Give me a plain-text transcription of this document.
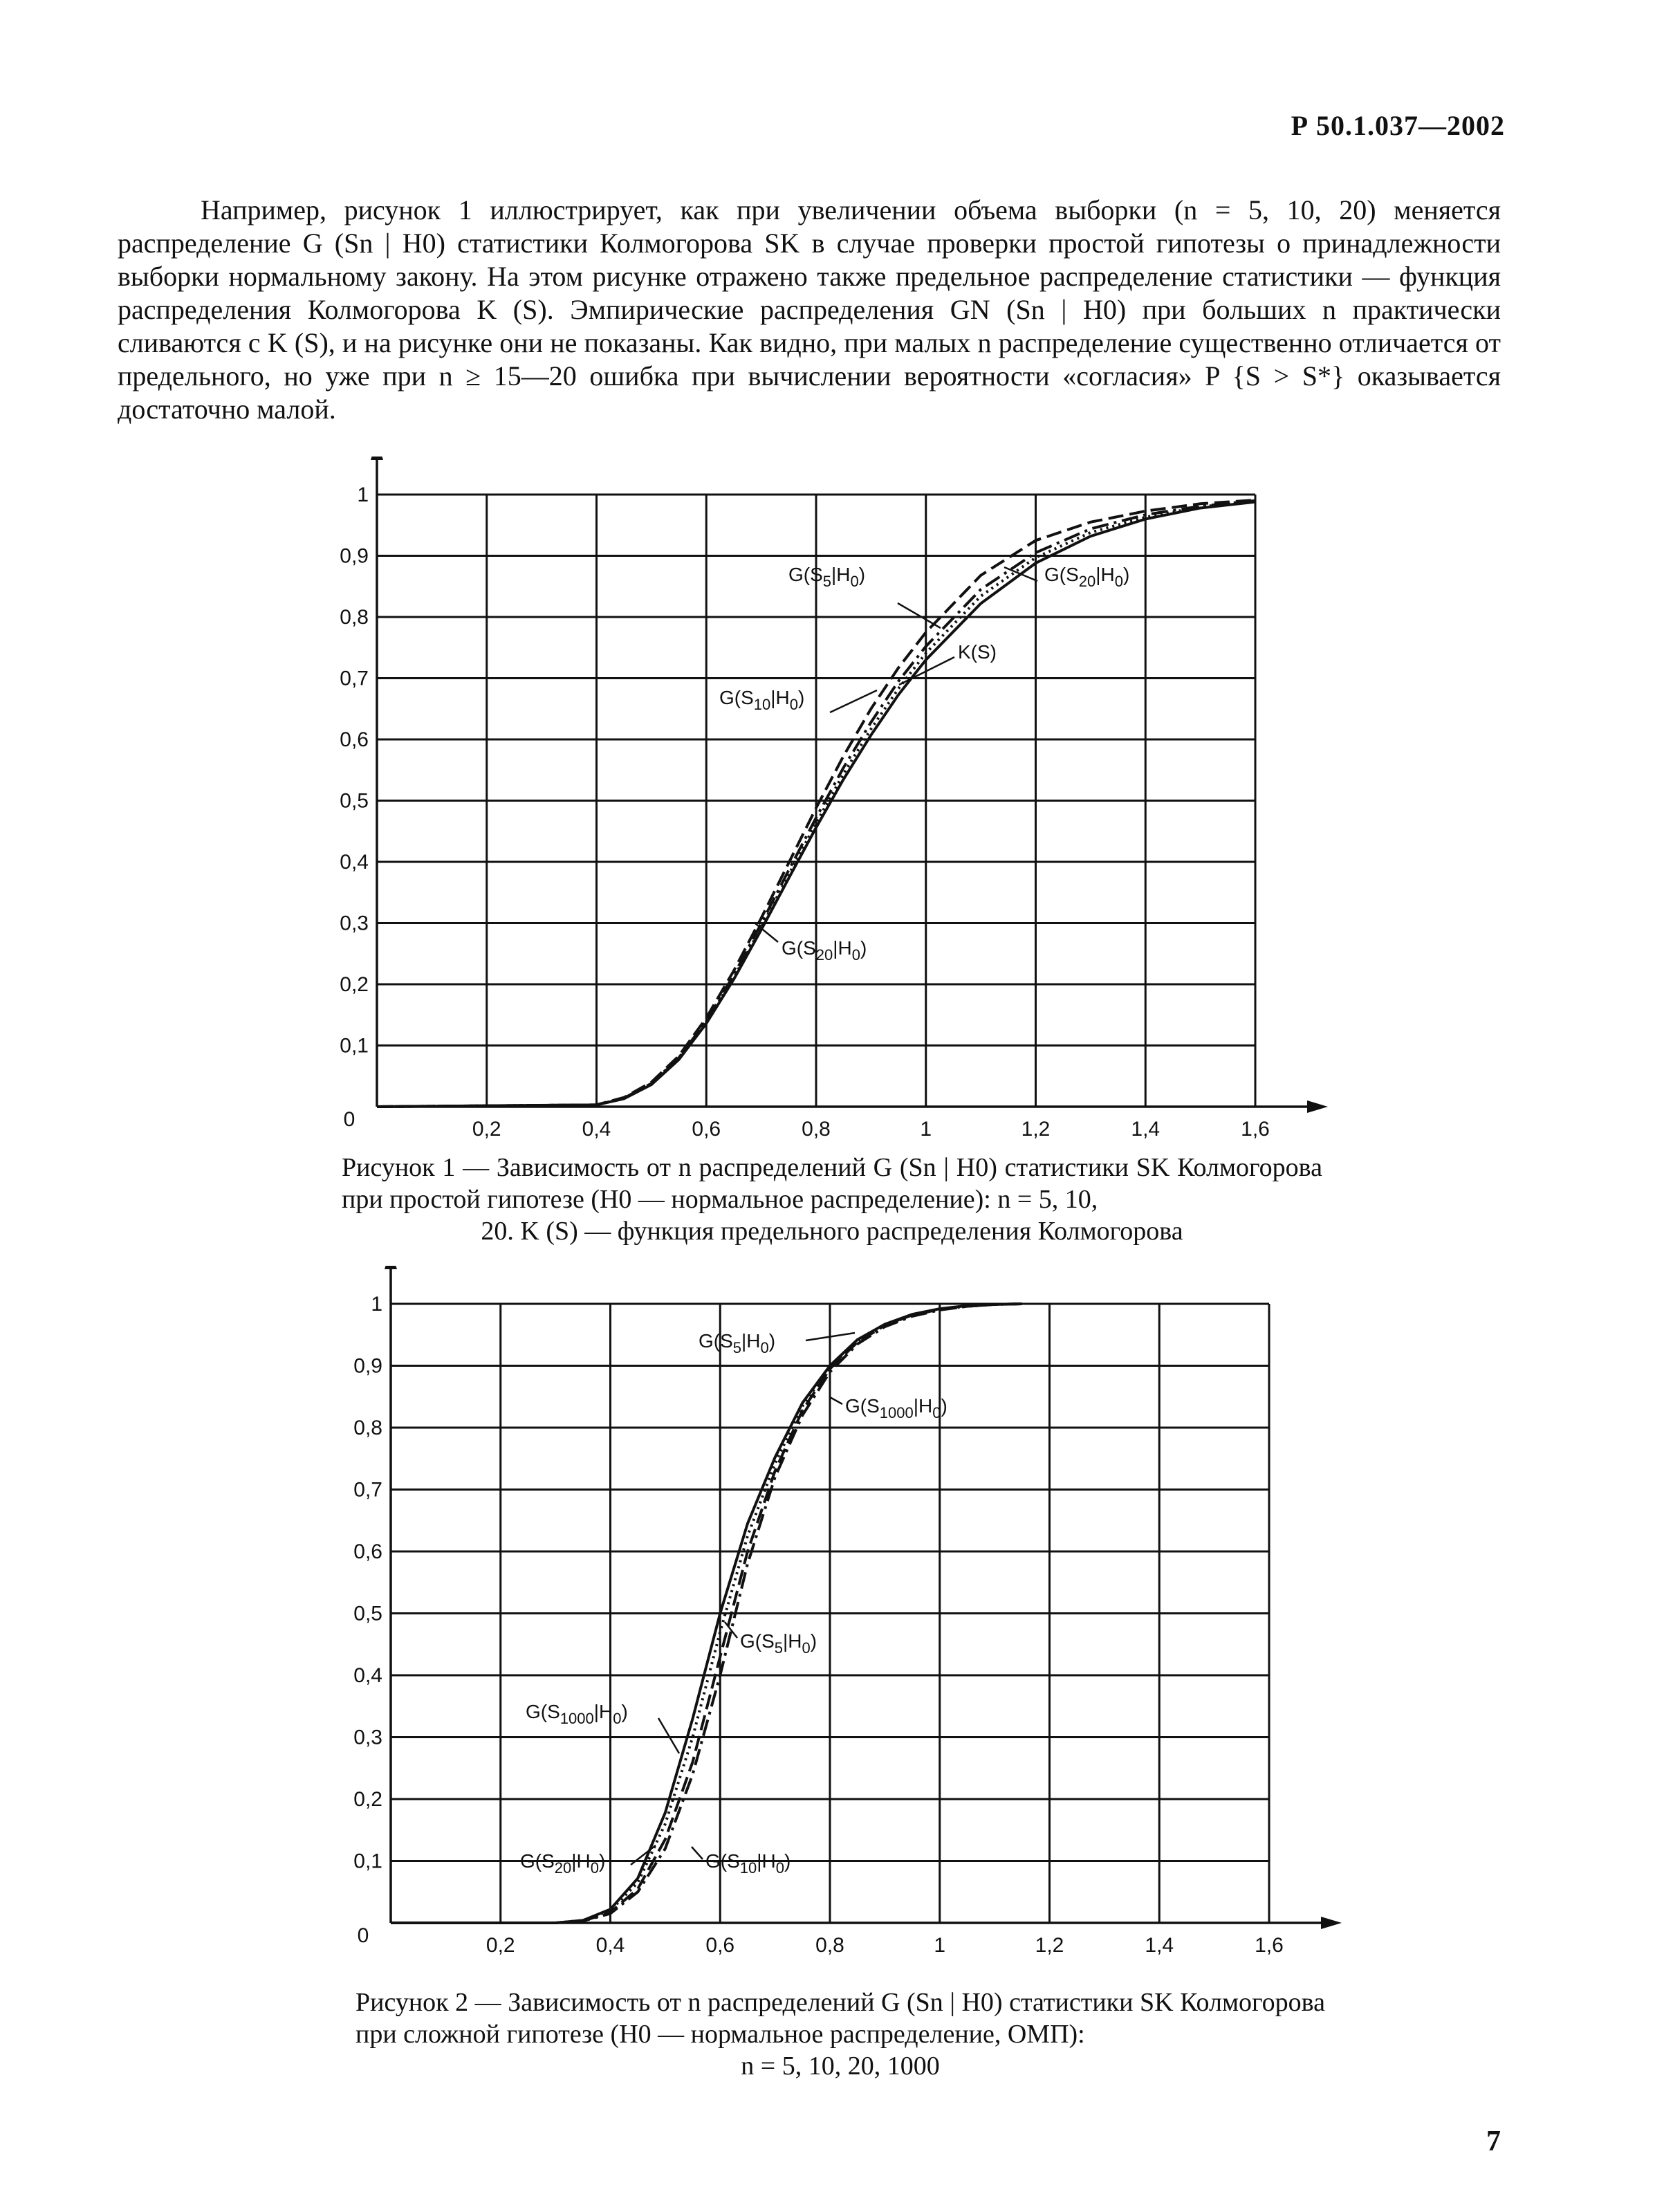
Р 50.1.037—2002

Например, рисунок 1 иллюстрирует, как при увеличении объема выборки (n = 5, 10, 20) меняется распределение G (Sn | H0) статистики Колмогорова SK в случае проверки простой гипотезы о принадлежности выборки нормальному закону. На этом рисунке отражено также предельное распределение статистики — функция распределения Колмогорова K (S). Эмпирические распределения GN (Sn | H0) при больших n практически сливаются с K (S), и на рисунке они не показаны. Как видно, при малых n распределение существенно отличается от предельного, но уже при n ≥ 15—20 ошибка при вычислении вероятности «согласия» P {S > S*} оказывается достаточно малой.

0,2	0,4	0,6	0,8	1	1,2	1,4	1,6
0,1
0,2
0,3
0,4
0,5
0,6
0,7
0,8
0,9
1
0
$G(S_5|H_0)$	$G(S_{20}|H_0)$
K(S)
$G(S_{10}|H_0)$
$G(S_{20}|H_0)$

Рисунок 1 — Зависимость от n распределений G (Sn | H0) статистики SK Колмогорова при простой гипотезе (H0 — нормальное распределение): n = 5, 10,
20. K (S) — функция предельного распределения Колмогорова

0,2	0,4	0,6	0,8	1	1,2	1,4	1,6
0,1
0,2
0,3
0,4
0,5
0,6
0,7
0,8
0,9
1
0
$G(S_5|H_0)$
$G(S_{1000}|H_0)$
$G(S_5|H_0)$
$G(S_{1000}|H_0)$
$G(S_{20}|H_0)$	$G(S_{10}|H_0)$

Рисунок 2 — Зависимость от n распределений G (Sn | H0) статистики SK Колмогорова при сложной гипотезе (H0 — нормальное распределение, ОМП):
n = 5, 10, 20, 1000

7
